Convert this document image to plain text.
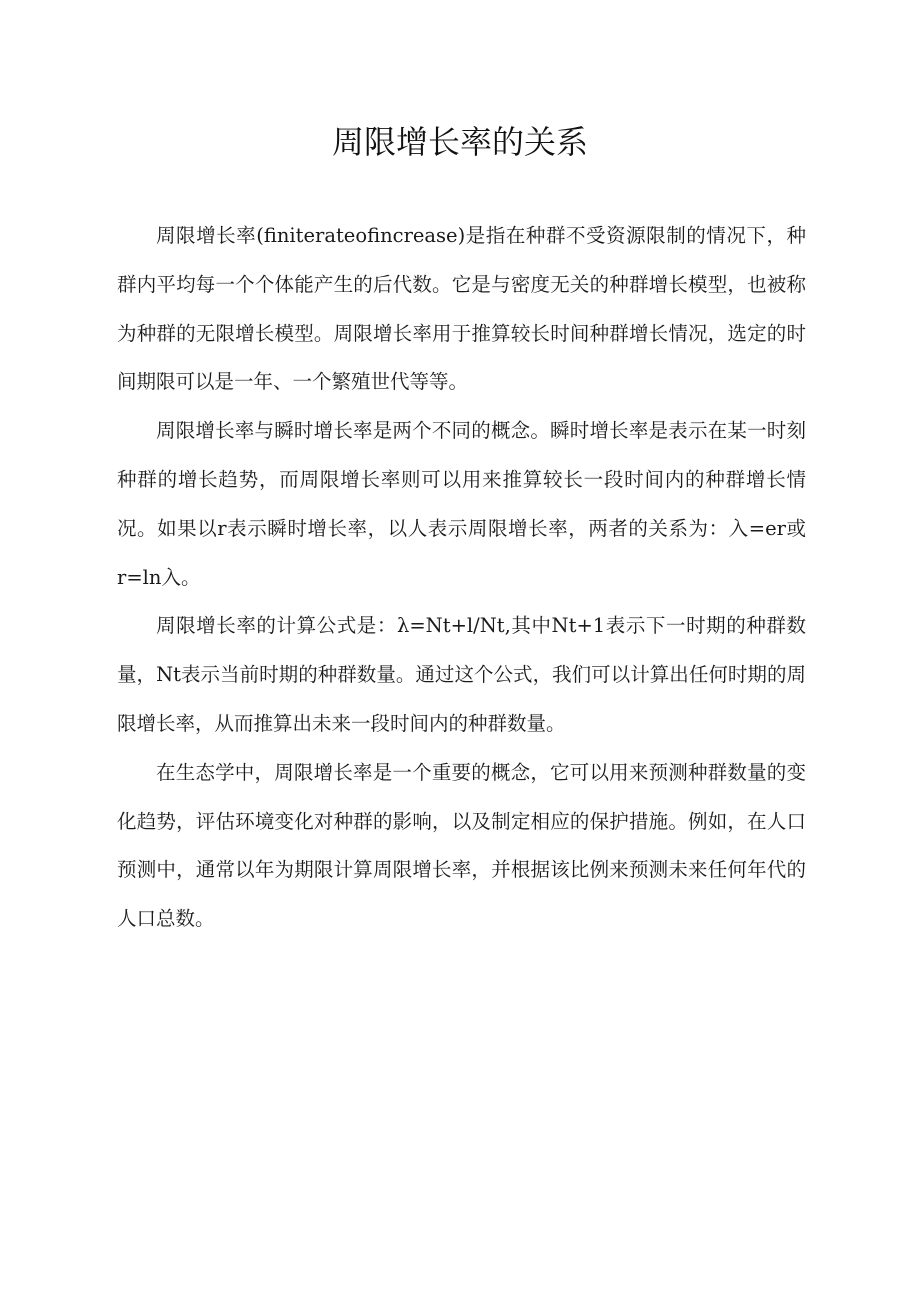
周限增长率的关系

周限增长率(finiterateofincrease)是指在种群不受资源限制的情况下，种群内平均每一个个体能产生的后代数。它是与密度无关的种群增长模型，也被称为种群的无限增长模型。周限增长率用于推算较长时间种群增长情况，选定的时间期限可以是一年、一个繁殖世代等等。

周限增长率与瞬时增长率是两个不同的概念。瞬时增长率是表示在某一时刻种群的增长趋势，而周限增长率则可以用来推算较长一段时间内的种群增长情况。如果以r表示瞬时增长率，以人表示周限增长率，两者的关系为：入=er或r=ln入。

周限增长率的计算公式是：λ=Nt+l/Nt,其中Nt+1表示下一时期的种群数量，Nt表示当前时期的种群数量。通过这个公式，我们可以计算出任何时期的周限增长率，从而推算出未来一段时间内的种群数量。

在生态学中，周限增长率是一个重要的概念，它可以用来预测种群数量的变化趋势，评估环境变化对种群的影响，以及制定相应的保护措施。例如，在人口预测中，通常以年为期限计算周限增长率，并根据该比例来预测未来任何年代的人口总数。
